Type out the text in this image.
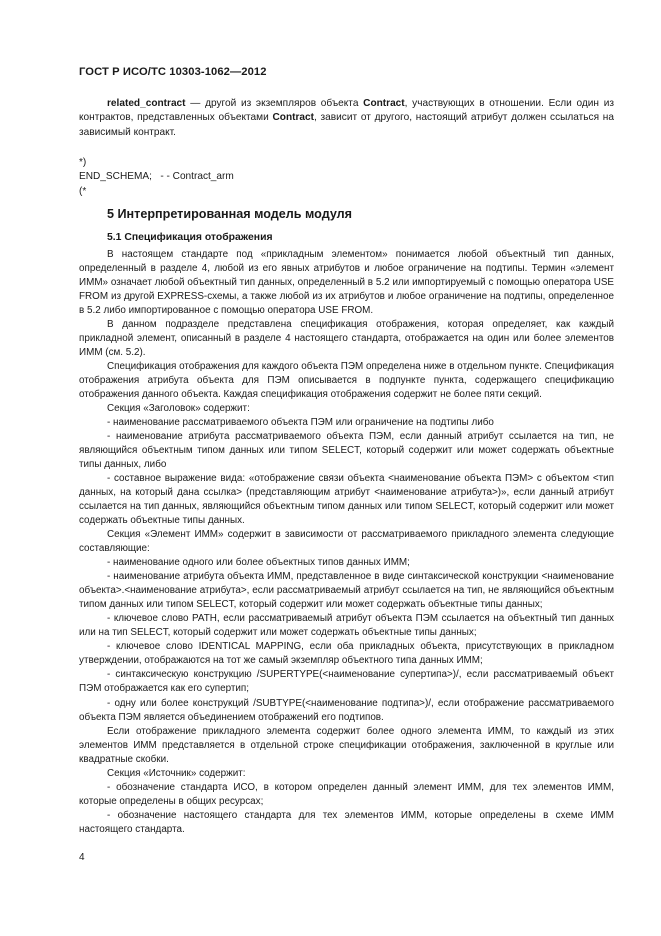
ГОСТ Р ИСО/ТС 10303-1062—2012

related_contract — другой из экземпляров объекта Contract, участвующих в отношении. Если один из контрактов, представленных объектами Contract, зависит от другого, настоящий атрибут должен ссылаться на зависимый контракт.

*)
END_SCHEMA;   - - Contract_arm
(*
5 Интерпретированная модель модуля
5.1 Спецификация отображения

В настоящем стандарте под «прикладным элементом» понимается любой объектный тип данных, определенный в разделе 4, любой из его явных атрибутов и любое ограничение на подтипы. Термин «элемент ИММ» означает любой объектный тип данных, определенный в 5.2 или импортируемый с помощью оператора USE FROM из другой EXPRESS-схемы, а также любой из их атрибутов и любое ограничение на подтипы, определенное в 5.2 либо импортированное с помощью оператора USE FROM.

В данном подразделе представлена спецификация отображения, которая определяет, как каждый прикладной элемент, описанный в разделе 4 настоящего стандарта, отображается на один или более элементов ИММ (см. 5.2).

Спецификация отображения для каждого объекта ПЭМ определена ниже в отдельном пункте. Спецификация отображения атрибута объекта для ПЭМ описывается в подпункте пункта, содержащего спецификацию отображения данного объекта. Каждая спецификация отображения содержит не более пяти секций.

Секция «Заголовок» содержит:

- наименование рассматриваемого объекта ПЭМ или ограничение на подтипы либо

- наименование атрибута рассматриваемого объекта ПЭМ, если данный атрибут ссылается на тип, не являющийся объектным типом данных или типом SELECT, который содержит или может содержать объектные типы данных, либо

- составное выражение вида: «отображение связи объекта <наименование объекта ПЭМ> с объектом <тип данных, на который дана ссылка> (представляющим атрибут <наименование атрибута>)», если данный атрибут ссылается на тип данных, являющийся объектным типом данных или типом SELECT, который содержит или может содержать объектные типы данных.

Секция «Элемент ИММ» содержит в зависимости от рассматриваемого прикладного элемента следующие составляющие:

- наименование одного или более объектных типов данных ИММ;

- наименование атрибута объекта ИММ, представленное в виде синтаксической конструкции <наименование объекта>.<наименование атрибута>, если рассматриваемый атрибут ссылается на тип, не являющийся объектным типом данных или типом SELECT, который содержит или может содержать объектные типы данных;

- ключевое слово PATH, если рассматриваемый атрибут объекта ПЭМ ссылается на объектный тип данных или на тип SELECT, который содержит или может содержать объектные типы данных;

- ключевое слово IDENTICAL MAPPING, если оба прикладных объекта, присутствующих в прикладном утверждении, отображаются на тот же самый экземпляр объектного типа данных ИММ;

- синтаксическую конструкцию /SUPERTYPE(<наименование супертипа>)/, если рассматриваемый объект ПЭМ отображается как его супертип;

- одну или более конструкций /SUBTYPE(<наименование подтипа>)/, если отображение рассматриваемого объекта ПЭМ является объединением отображений его подтипов.

Если отображение прикладного элемента содержит более одного элемента ИММ, то каждый из этих элементов ИММ представляется в отдельной строке спецификации отображения, заключенной в круглые или квадратные скобки.

Секция «Источник» содержит:

- обозначение стандарта ИСО, в котором определен данный элемент ИММ, для тех элементов ИММ, которые определены в общих ресурсах;

- обозначение настоящего стандарта для тех элементов ИММ, которые определены в схеме ИММ настоящего стандарта.

4
